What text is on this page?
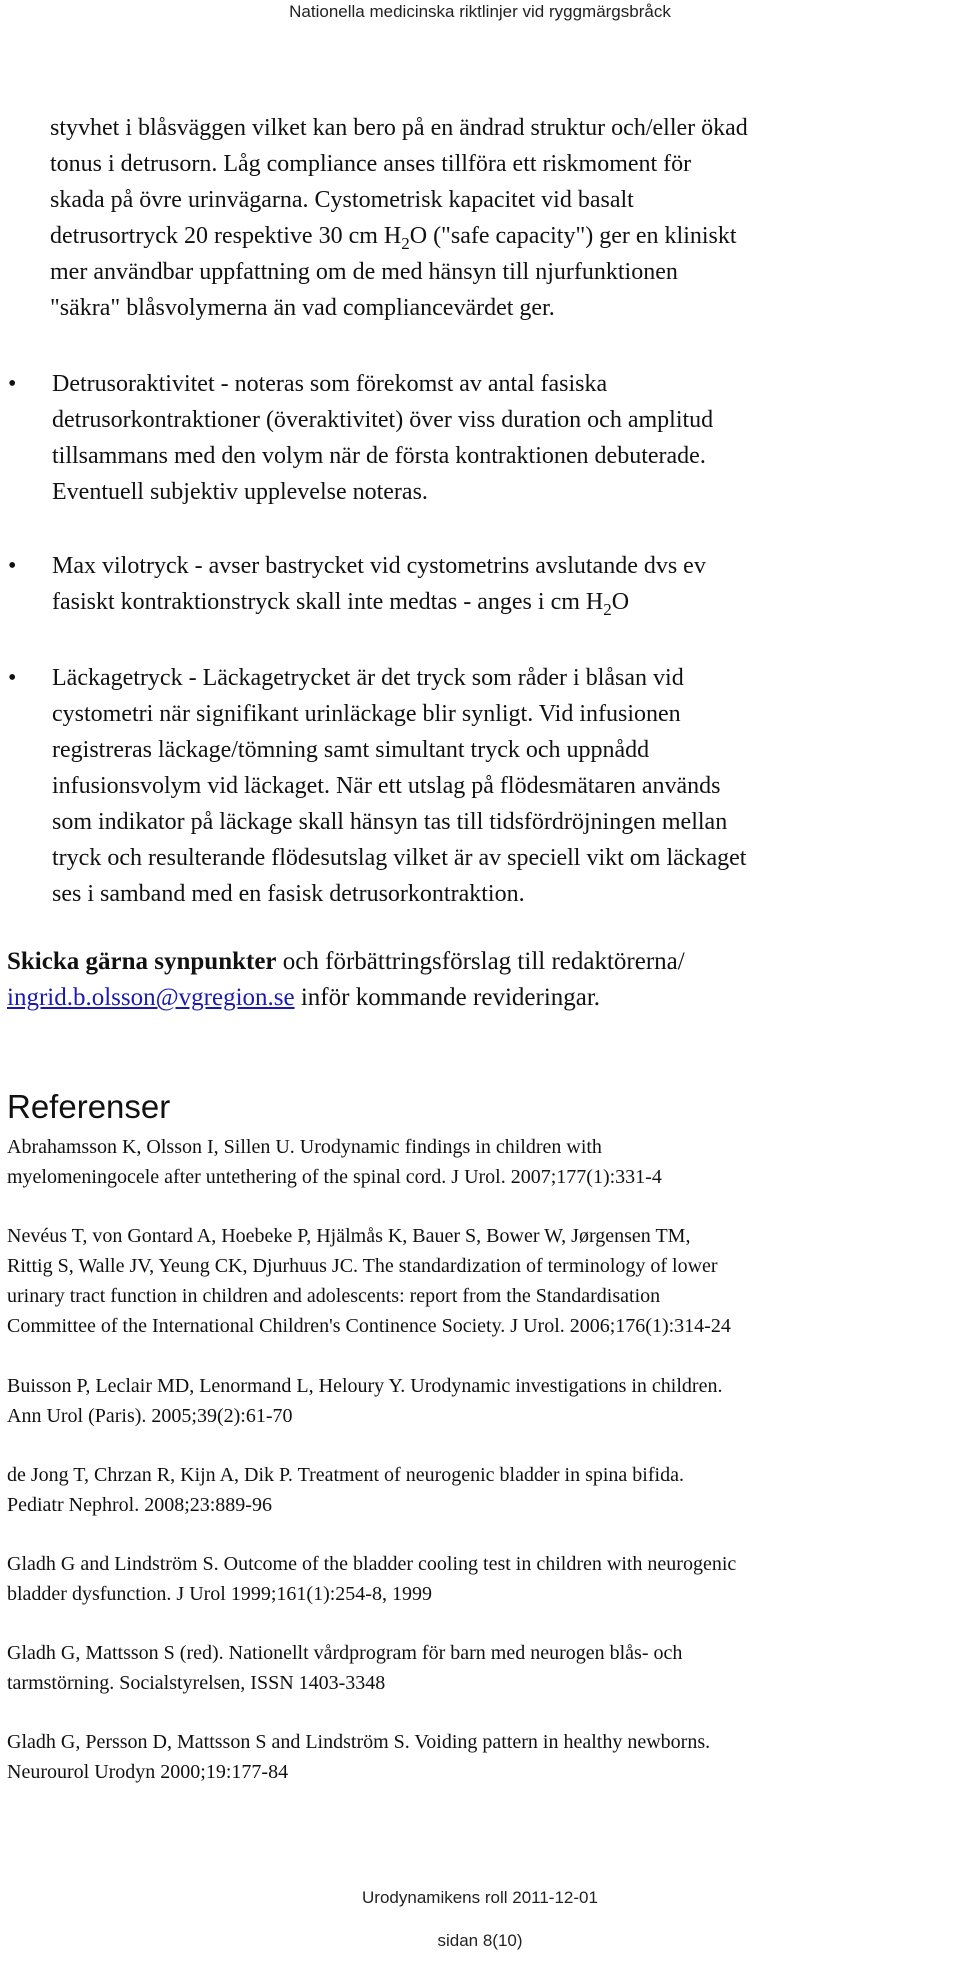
Nationella medicinska riktlinjer vid ryggmärgsbråck
styvhet i blåsväggen vilket kan bero på en ändrad struktur och/eller ökad
tonus i detrusorn. Låg compliance anses tillföra ett riskmoment för
skada på övre urinvägarna. Cystometrisk kapacitet vid basalt
detrusortryck 20 respektive 30 cm $H_2O$ ("safe capacity") ger en kliniskt
mer användbar uppfattning om de med hänsyn till njurfunktionen
"säkra" blåsvolymerna än vad compliancevärdet ger.
• Detrusoraktivitet - noteras som förekomst av antal fasiska
detrusorkontraktioner (överaktivitet) över viss duration och amplitud
tillsammans med den volym när de första kontraktionen debuterade.
Eventuell subjektiv upplevelse noteras.
• Max vilotryck - avser bastrycket vid cystometrins avslutande dvs ev
fasiskt kontraktionstryck skall inte medtas - anges i cm $H_2O$
• Läckagetryck - Läckagetrycket är det tryck som råder i blåsan vid
cystometri när signifikant urinläckage blir synligt. Vid infusionen
registreras läckage/tömning samt simultant tryck och uppnådd
infusionsvolym vid läckaget. När ett utslag på flödesmätaren används
som indikator på läckage skall hänsyn tas till tidsfördröjningen mellan
tryck och resulterande flödesutslag vilket är av speciell vikt om läckaget
ses i samband med en fasisk detrusorkontraktion.
Skicka gärna synpunkter och förbättringsförslag till redaktörerna/
ingrid.b.olsson@vgregion.se inför kommande revideringar.
Referenser
Abrahamsson K, Olsson I, Sillen U. Urodynamic findings in children with
myelomeningocele after untethering of the spinal cord. J Urol. 2007;177(1):331-4
Nevéus T, von Gontard A, Hoebeke P, Hjälmås K, Bauer S, Bower W, Jørgensen TM,
Rittig S, Walle JV, Yeung CK, Djurhuus JC. The standardization of terminology of lower
urinary tract function in children and adolescents: report from the Standardisation
Committee of the International Children's Continence Society. J Urol. 2006;176(1):314-24
Buisson P, Leclair MD, Lenormand L, Heloury Y. Urodynamic investigations in children.
Ann Urol (Paris). 2005;39(2):61-70
de Jong T, Chrzan R, Kijn A, Dik P. Treatment of neurogenic bladder in spina bifida.
Pediatr Nephrol. 2008;23:889-96
Gladh G and Lindström S. Outcome of the bladder cooling test in children with neurogenic
bladder dysfunction. J Urol 1999;161(1):254-8, 1999
Gladh G, Mattsson S (red). Nationellt vårdprogram för barn med neurogen blås- och
tarmstörning. Socialstyrelsen, ISSN 1403-3348
Gladh G, Persson D, Mattsson S and Lindström S. Voiding pattern in healthy newborns.
Neurourol Urodyn 2000;19:177-84
Urodynamikens roll 2011-12-01
sidan 8(10)
